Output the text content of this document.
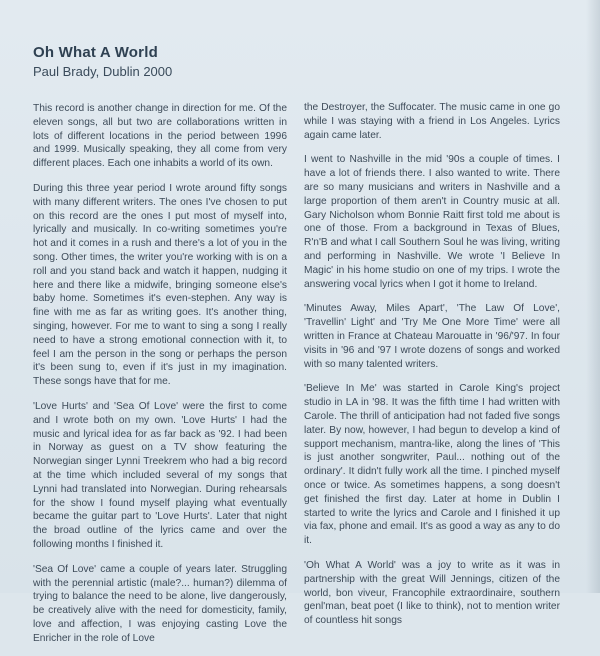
Oh What A World

Paul Brady, Dublin 2000

This record is another change in direction for me. Of the eleven songs, all but two are collaborations written in lots of different locations in the period between 1996 and 1999. Musically speaking, they all come from very different places. Each one inhabits a world of its own.

During this three year period I wrote around fifty songs with many different writers. The ones I've chosen to put on this record are the ones I put most of myself into, lyrically and musically. In co-writing sometimes you're hot and it comes in a rush and there's a lot of you in the song. Other times, the writer you're working with is on a roll and you stand back and watch it happen, nudging it here and there like a midwife, bringing someone else's baby home. Sometimes it's even-stephen. Any way is fine with me as far as writing goes. It's another thing, singing, however. For me to want to sing a song I really need to have a strong emotional connection with it, to feel I am the person in the song or perhaps the person it's been sung to, even if it's just in my imagination. These songs have that for me.

'Love Hurts' and 'Sea Of Love' were the first to come and I wrote both on my own. 'Love Hurts' I had the music and lyrical idea for as far back as '92. I had been in Norway as guest on a TV show featuring the Norwegian singer Lynni Treekrem who had a big record at the time which included several of my songs that Lynni had translated into Norwegian. During rehearsals for the show I found myself playing what eventually became the guitar part to 'Love Hurts'. Later that night the broad outline of the lyrics came and over the following months I finished it.

'Sea Of Love' came a couple of years later. Struggling with the perennial artistic (male?... human?) dilemma of trying to balance the need to be alone, live dangerously, be creatively alive with the need for domesticity, family, love and affection, I was enjoying casting Love the Enricher in the role of Love

the Destroyer, the Suffocater. The music came in one go while I was staying with a friend in Los Angeles. Lyrics again came later.

I went to Nashville in the mid '90s a couple of times. I have a lot of friends there. I also wanted to write. There are so many musicians and writers in Nashville and a large proportion of them aren't in Country music at all. Gary Nicholson whom Bonnie Raitt first told me about is one of those. From a background in Texas of Blues, R'n'B and what I call Southern Soul he was living, writing and performing in Nashville. We wrote 'I Believe In Magic' in his home studio on one of my trips. I wrote the answering vocal lyrics when I got it home to Ireland.

'Minutes Away, Miles Apart', 'The Law Of Love', 'Travellin' Light' and 'Try Me One More Time' were all written in France at Chateau Marouatte in '96/'97. In four visits in '96 and '97 I wrote dozens of songs and worked with so many talented writers.

'Believe In Me' was started in Carole King's project studio in LA in '98. It was the fifth time I had written with Carole. The thrill of anticipation had not faded five songs later. By now, however, I had begun to develop a kind of support mechanism, mantra-like, along the lines of 'This is just another songwriter, Paul... nothing out of the ordinary'. It didn't fully work all the time. I pinched myself once or twice. As sometimes happens, a song doesn't get finished the first day. Later at home in Dublin I started to write the lyrics and Carole and I finished it up via fax, phone and email. It's as good a way as any to do it.

'Oh What A World' was a joy to write as it was in partnership with the great Will Jennings, citizen of the world, bon viveur, Francophile extraordinaire, southern genl'man, beat poet (I like to think), not to mention writer of countless hit songs
